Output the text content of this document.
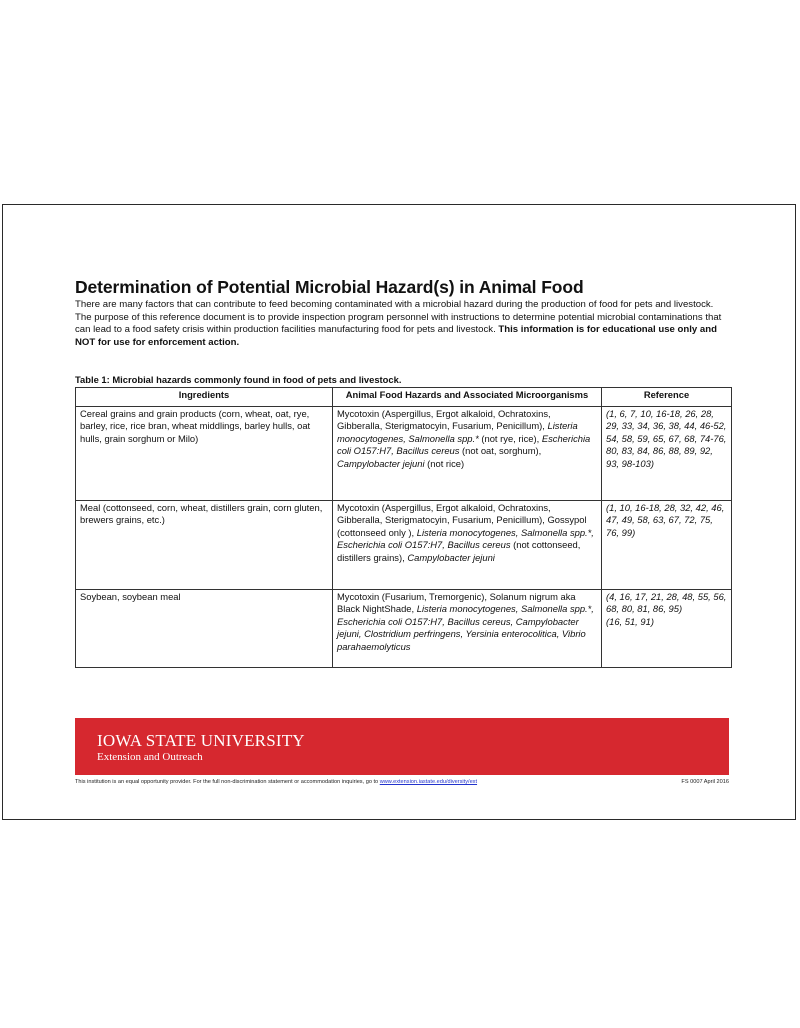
Determination of Potential Microbial Hazard(s) in Animal Food

There are many factors that can contribute to feed becoming contaminated with a microbial hazard during the production of food for pets and livestock. The purpose of this reference document is to provide inspection program personnel with instructions to determine potential microbial contaminations that can lead to a food safety crisis within production facilities manufacturing food for pets and livestock. This information is for educational use only and NOT for use for enforcement action.

Table 1: Microbial hazards commonly found in food of pets and livestock.
Ingredients	Animal Food Hazards and Associated Microorganisms	Reference
Cereal grains and grain products (corn, wheat, oat, rye, barley, rice, rice bran, wheat middlings, barley hulls, oat hulls, grain sorghum or Milo)	Mycotoxin (Aspergillus, Ergot alkaloid, Ochratoxins, Gibberalla, Sterigmatocyin, Fusarium, Penicillum), Listeria monocytogenes, Salmonella spp.* (not rye, rice), Escherichia coli O157:H7, Bacillus cereus (not oat, sorghum), Campylobacter jejuni (not rice)	(1, 6, 7, 10, 16-18, 26, 28, 29, 33, 34, 36, 38, 44, 46-52, 54, 58, 59, 65, 67, 68, 74-76, 80, 83, 84, 86, 88, 89, 92, 93, 98-103)
Meal (cottonseed, corn, wheat, distillers grain, corn gluten, brewers grains, etc.)	Mycotoxin (Aspergillus, Ergot alkaloid, Ochratoxins, Gibberalla, Sterigmatocyin, Fusarium, Penicillum), Gossypol (cottonseed only ), Listeria monocytogenes, Salmonella spp.*, Escherichia coli O157:H7, Bacillus cereus (not cottonseed, distillers grains), Campylobacter jejuni	(1, 10, 16-18, 28, 32, 42, 46, 47, 49, 58, 63, 67, 72, 75, 76, 99)
Soybean, soybean meal	Mycotoxin (Fusarium, Tremorgenic), Solanum nigrum aka Black NightShade, Listeria monocytogenes, Salmonella spp.*, Escherichia coli O157:H7, Bacillus cereus, Campylobacter jejuni, Clostridium perfringens, Yersinia enterocolitica, Vibrio parahaemolyticus	(4, 16, 17, 21, 28, 48, 55, 56, 68, 80, 81, 86, 95)
(16, 51, 91)
IOWA STATE UNIVERSITY
Extension and Outreach
This institution is an equal opportunity provider. For the full non-discrimination statement or accommodation inquiries, go to www.extension.iastate.edu/diversity/ext	FS 0007 April 2016
